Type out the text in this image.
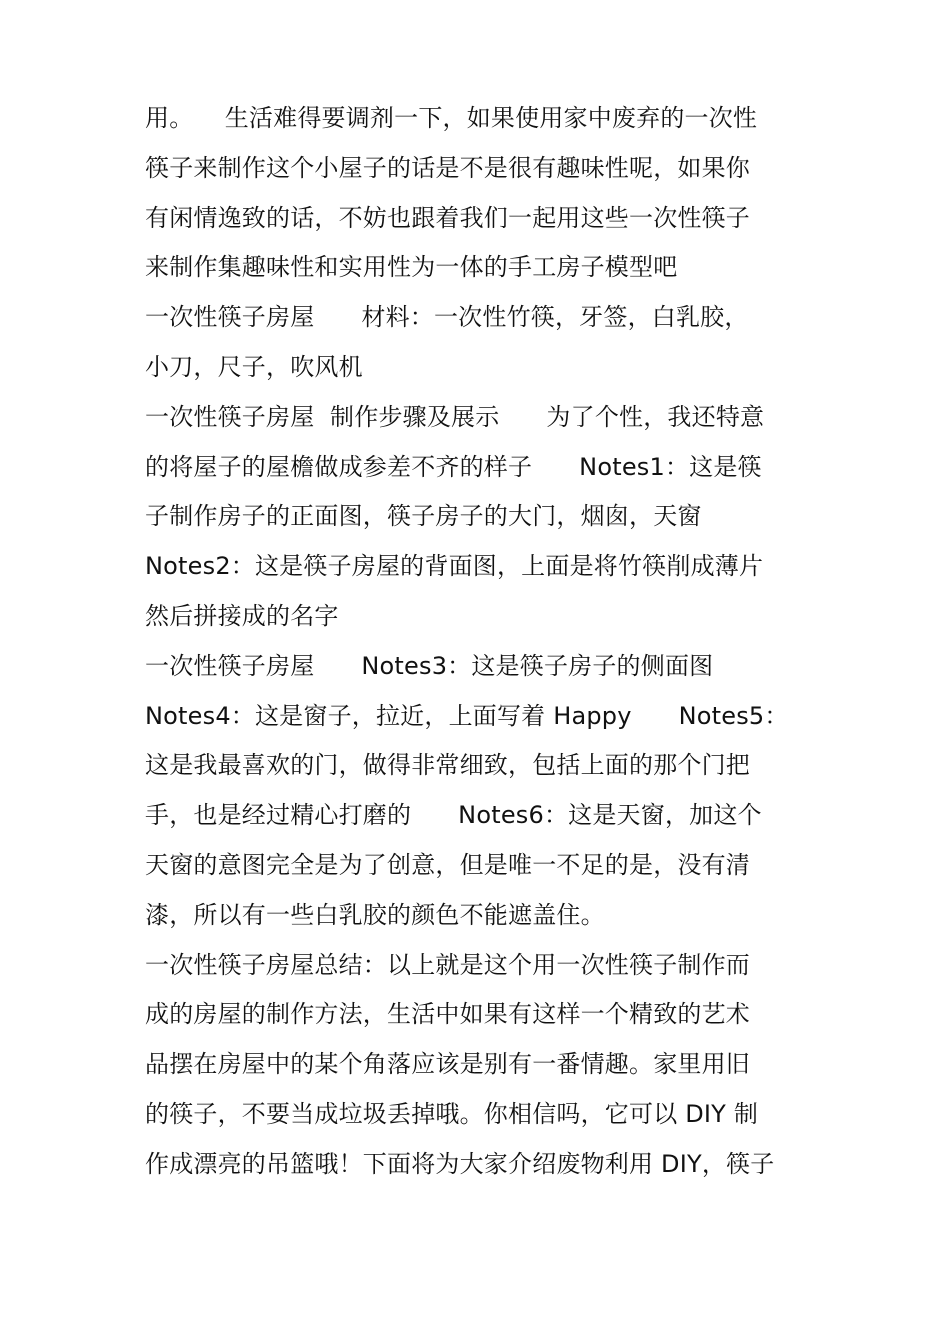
用。    生活难得要调剂一下，如果使用家中废弃的一次性
筷子来制作这个小屋子的话是不是很有趣味性呢，如果你
有闲情逸致的话，不妨也跟着我们一起用这些一次性筷子
来制作集趣味性和实用性为一体的手工房子模型吧
一次性筷子房屋      材料：一次性竹筷，牙签，白乳胶，
小刀，尺子，吹风机
一次性筷子房屋  制作步骤及展示      为了个性，我还特意
的将屋子的屋檐做成参差不齐的样子      Notes1：这是筷
子制作房子的正面图，筷子房子的大门，烟囱，天窗
Notes2：这是筷子房屋的背面图，上面是将竹筷削成薄片
然后拼接成的名字
一次性筷子房屋      Notes3：这是筷子房子的侧面图
Notes4：这是窗子，拉近，上面写着 Happy      Notes5：
这是我最喜欢的门，做得非常细致，包括上面的那个门把
手，也是经过精心打磨的      Notes6：这是天窗，加这个
天窗的意图完全是为了创意，但是唯一不足的是，没有清
漆，所以有一些白乳胶的颜色不能遮盖住。
一次性筷子房屋总结：以上就是这个用一次性筷子制作而
成的房屋的制作方法，生活中如果有这样一个精致的艺术
品摆在房屋中的某个角落应该是别有一番情趣。家里用旧
的筷子，不要当成垃圾丢掉哦。你相信吗，它可以 DIY 制
作成漂亮的吊篮哦！下面将为大家介绍废物利用 DIY，筷子
